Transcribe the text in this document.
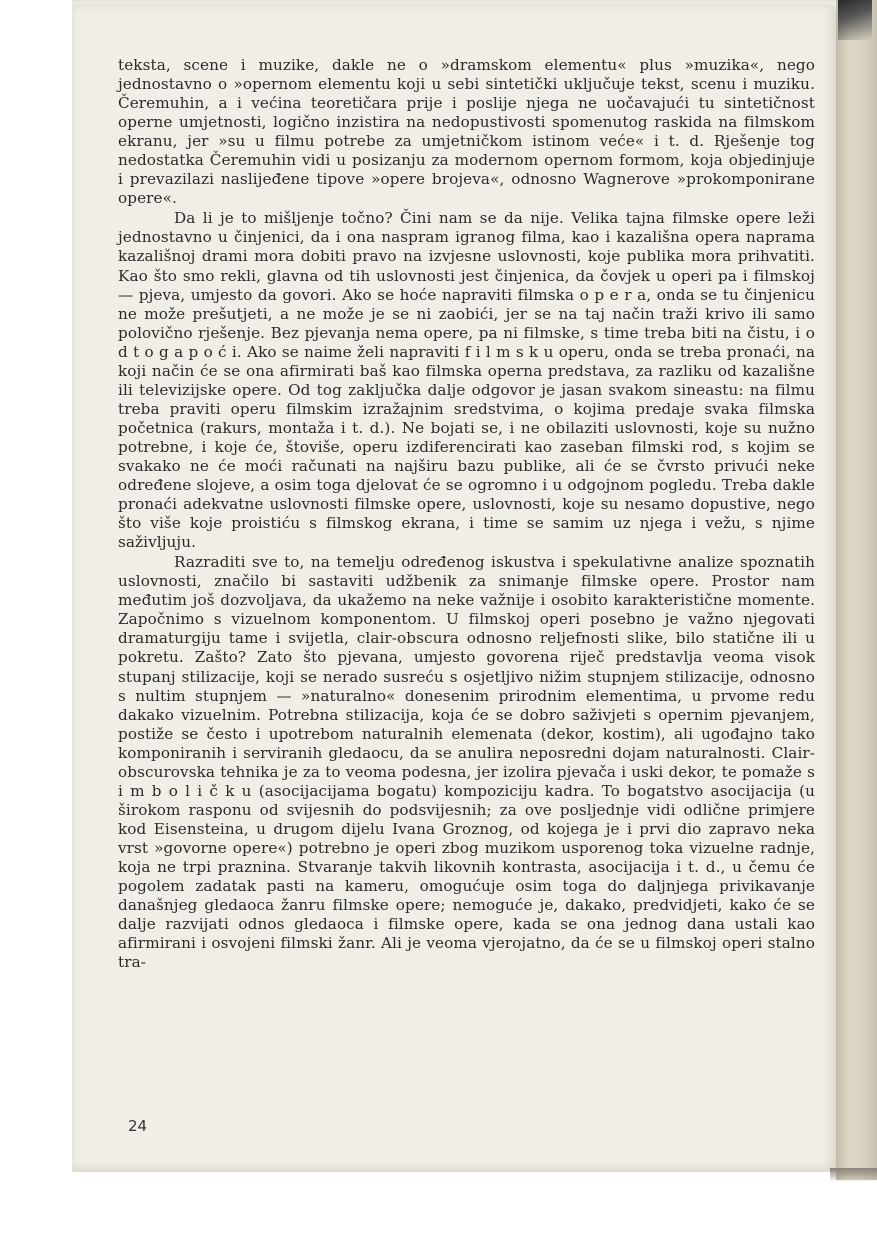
teksta, scene i muzike, dakle ne o »dramskom elementu« plus »muzika«, nego jednostavno o »opernom elementu koji u sebi sintetički uključuje tekst, scenu i muziku. Čeremuhin, a i većina teoretičara prije i poslije njega ne uočavajući tu sintetičnost operne umjetnosti, logično inzistira na nedopustivosti spomenutog raskida na filmskom ekranu, jer »su u filmu potrebe za umjetničkom istinom veće« i t. d. Rješenje tog nedostatka Čeremuhin vidi u posizanju za modernom opernom formom, koja objedinjuje i prevazilazi naslijeđene tipove »opere brojeva«, odnosno Wagnerove »prokomponirane opere«.

Da li je to mišljenje točno? Čini nam se da nije. Velika tajna filmske opere leži jednostavno u činjenici, da i ona naspram igranog filma, kao i kazališna opera naprama kazališnoj drami mora dobiti pravo na izvjesne uslovnosti, koje publika mora prihvatiti. Kao što smo rekli, glavna od tih uslovnosti jest činjenica, da čovjek u operi pa i filmskoj — pjeva, umjesto da govori. Ako se hoće napraviti filmska o p e r a, onda se tu činjenicu ne može prešutjeti, a ne može je se ni zaobići, jer se na taj način traži krivo ili samo polovično rješenje. Bez pjevanja nema opere, pa ni filmske, s time treba biti na čistu, i o d t o g a p o ć i. Ako se naime želi napraviti f i l m s k u operu, onda se treba pronaći, na koji način će se ona afirmirati baš kao filmska operna predstava, za razliku od kazališne ili televizijske opere. Od tog zaključka dalje odgovor je jasan svakom sineastu: na filmu treba praviti operu filmskim izražajnim sredstvima, o kojima predaje svaka filmska početnica (rakurs, montaža i t. d.). Ne bojati se, i ne obilaziti uslovnosti, koje su nužno potrebne, i koje će, štoviše, operu izdiferencirati kao zaseban filmski rod, s kojim se svakako ne će moći računati na najširu bazu publike, ali će se čvrsto privući neke određene slojeve, a osim toga djelovat će se ogromno i u odgojnom pogledu. Treba dakle pronaći adekvatne uslovnosti filmske opere, uslovnosti, koje su nesamo dopustive, nego što više koje proistiću s filmskog ekrana, i time se samim uz njega i vežu, s njime saživljuju.

Razraditi sve to, na temelju određenog iskustva i spekulativne analize spoznatih uslovnosti, značilo bi sastaviti udžbenik za snimanje filmske opere. Prostor nam međutim još dozvoljava, da ukažemo na neke važnije i osobito karakteristične momente. Započnimo s vizuelnom komponentom. U filmskoj operi posebno je važno njegovati dramaturgiju tame i svijetla, clair-obscura odnosno reljefnosti slike, bilo statične ili u pokretu. Zašto? Zato što pjevana, umjesto govorena riječ predstavlja veoma visok stupanj stilizacije, koji se nerado susreću s osjetljivo nižim stupnjem stilizacije, odnosno s nultim stupnjem — »naturalno« donesenim prirodnim elementima, u prvome redu dakako vizuelnim. Potrebna stilizacija, koja će se dobro saživjeti s opernim pjevanjem, postiže se često i upotrebom naturalnih elemenata (dekor, kostim), ali ugođajno tako komponiranih i serviranih gledaocu, da se anulira neposredni dojam naturalnosti. Clair-obscurovska tehnika je za to veoma podesna, jer izolira pjevača i uski dekor, te pomaže s i m b o l i č k u (asocijacijama bogatu) kompoziciju kadra. To bogatstvo asocijacija (u širokom rasponu od svijesnih do podsvijesnih; za ove posljednje vidi odlične primjere kod Eisensteina, u drugom dijelu Ivana Groznog, od kojega je i prvi dio zapravo neka vrst »govorne opere«) potrebno je operi zbog muzikom usporenog toka vizuelne radnje, koja ne trpi praznina. Stvaranje takvih likovnih kontrasta, asocijacija i t. d., u čemu će pogolem zadatak pasti na kameru, omogućuje osim toga do daljnjega privikavanje današnjeg gledaoca žanru filmske opere; nemoguće je, dakako, predvidjeti, kako će se dalje razvijati odnos gledaoca i filmske opere, kada se ona jednog dana ustali kao afirmirani i osvojeni filmski žanr. Ali je veoma vjerojatno, da će se u filmskoj operi stalno tra-

24
